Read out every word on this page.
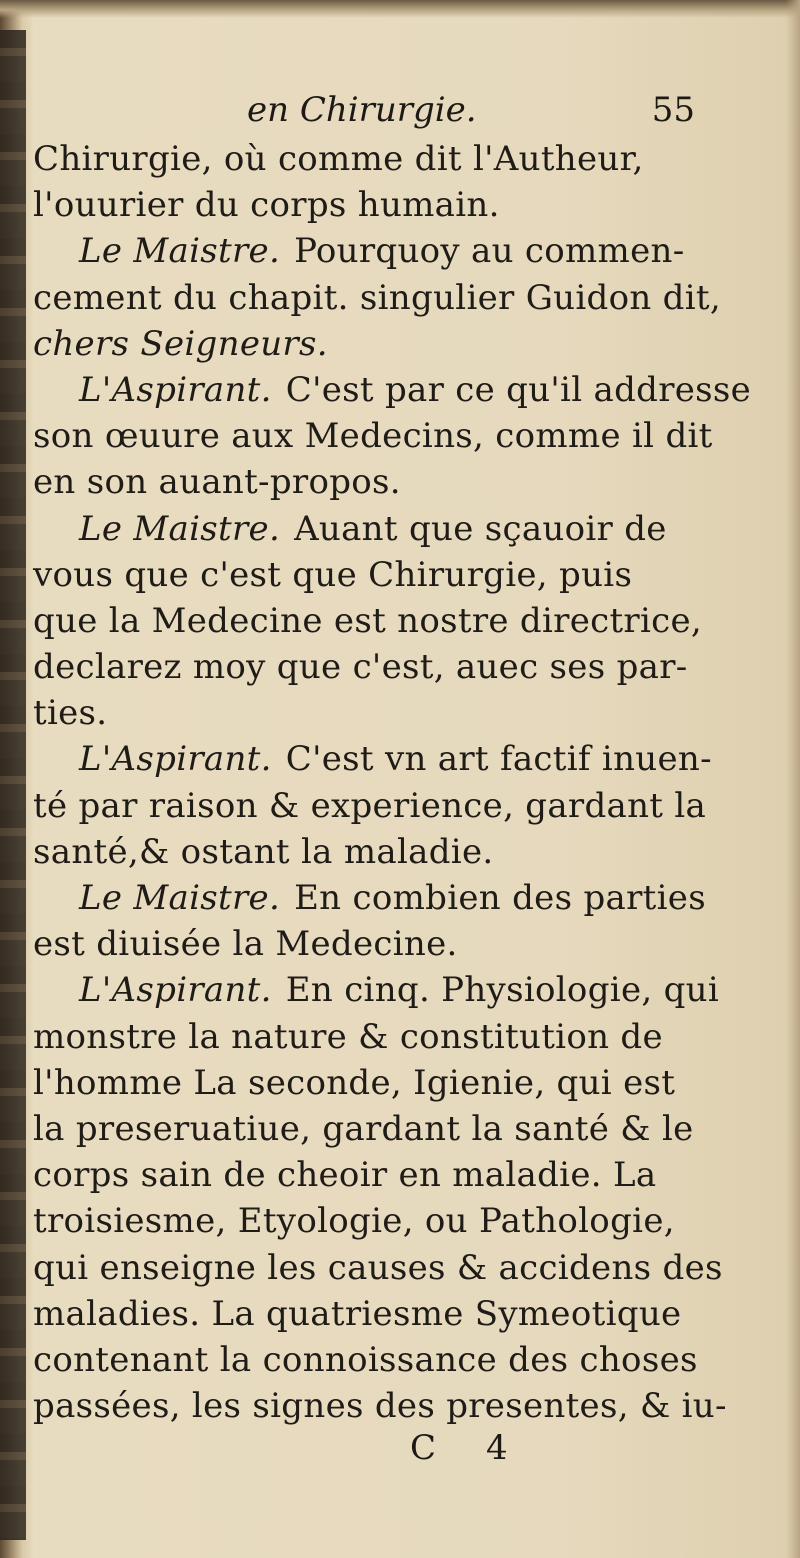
en Chirurgie.	55
Chirurgie, où comme dit l'Autheur,
l'ouurier du corps humain.
Le Maistre. Pourquoy au commen-
cement du chapit. singulier Guidon dit,
chers Seigneurs.
L'Aspirant. C'est par ce qu'il addresse
son œuure aux Medecins, comme il dit
en son auant-propos.
Le Maistre. Auant que sçauoir de
vous que c'est que Chirurgie, puis
que la Medecine est nostre directrice,
declarez moy que c'est, auec ses par-
ties.
L'Aspirant. C'est vn art factif inuen-
té par raison & experience, gardant la
santé,& ostant la maladie.
Le Maistre. En combien des parties
est diuisée la Medecine.
L'Aspirant. En cinq. Physiologie, qui
monstre la nature & constitution de
l'homme La seconde, Igienie, qui est
la preseruatiue, gardant la santé & le
corps sain de cheoir en maladie. La
troisiesme, Etyologie, ou Pathologie,
qui enseigne les causes & accidens des
maladies. La quatriesme Symeotique
contenant la connoissance des choses
passées, les signes des presentes, & iu-
C 4
